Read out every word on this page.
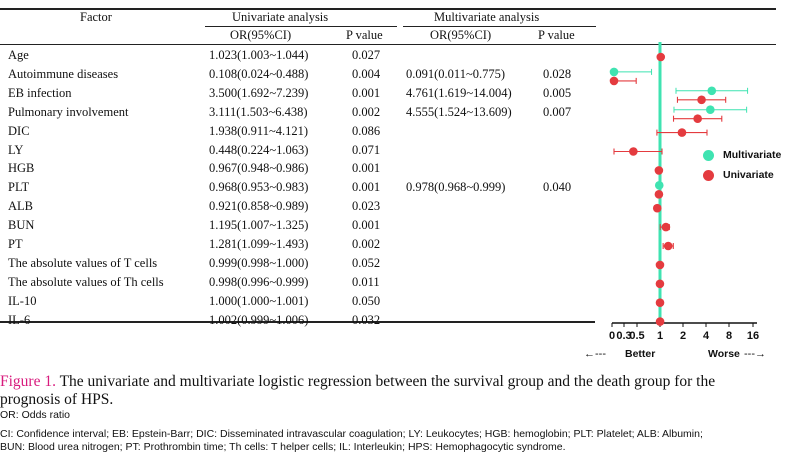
Factor	Univariate analysis	Multivariate analysis
OR(95%CI)	P value	OR(95%CI)	P value
Age	1.023(1.003~1.044)	0.027
Autoimmune diseases	0.108(0.024~0.488)	0.004 0.091(0.011~0.775)	0.028
EB infection	3.500(1.692~7.239)	0.001 4.761(1.619~14.004)	0.005
Pulmonary involvement	3.111(1.503~6.438)	0.002 4.555(1.524~13.609)	0.007
DIC	1.938(0.911~4.121)	0.086
LY	0.448(0.224~1.063)	0.071
HGB	0.967(0.948~0.986)	0.001
PLT	0.968(0.953~0.983)	0.001 0.978(0.968~0.999)	0.040
ALB	0.921(0.858~0.989)	0.023
BUN	1.195(1.007~1.325)	0.001
PT	1.281(1.099~1.493)	0.002
The absolute values of T cells	0.999(0.998~1.000)	0.052
The absolute values of Th cells	0.998(0.996~0.999)	0.011
IL-10	1.000(1.000~1.001)	0.050
IL-6	1.002(0.999~1.006)	0.032
0 0.3
0.5 1 2 4 8 16
Multivariate
Univariate
←--- Better	Worse ---→
Figure 1. The univariate and multivariate logistic regression between the survival group and the death group for the
prognosis of HPS.
OR: Odds ratio
CI: Confidence interval; EB: Epstein-Barr; DIC: Disseminated intravascular coagulation; LY: Leukocytes; HGB: hemoglobin; PLT: Platelet; ALB: Albumin;
BUN: Blood urea nitrogen; PT: Prothrombin time; Th cells: T helper cells; IL: Interleukin; HPS: Hemophagocytic syndrome.
